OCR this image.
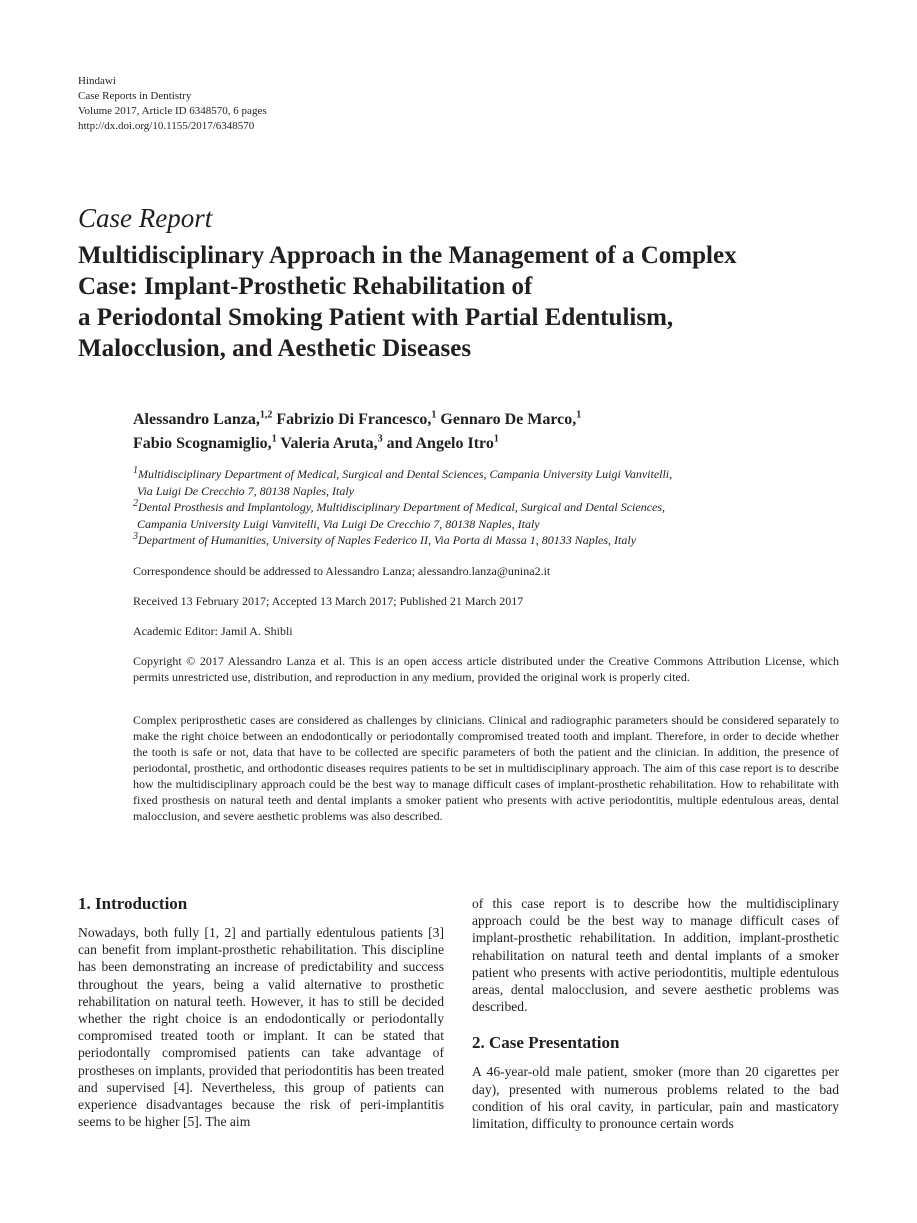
Hindawi
Case Reports in Dentistry
Volume 2017, Article ID 6348570, 6 pages
http://dx.doi.org/10.1155/2017/6348570
Case Report
Multidisciplinary Approach in the Management of a Complex
Case: Implant-Prosthetic Rehabilitation of
a Periodontal Smoking Patient with Partial Edentulism,
Malocclusion, and Aesthetic Diseases
Alessandro Lanza,$^{1,2}$ Fabrizio Di Francesco,$^1$ Gennaro De Marco,$^1$
Fabio Scognamiglio,$^1$ Valeria Aruta,$^3$ and Angelo Itro$^1$
$^1$Multidisciplinary Department of Medical, Surgical and Dental Sciences, Campania University Luigi Vanvitelli,
Via Luigi De Crecchio 7, 80138 Naples, Italy
$^2$Dental Prosthesis and Implantology, Multidisciplinary Department of Medical, Surgical and Dental Sciences,
Campania University Luigi Vanvitelli, Via Luigi De Crecchio 7, 80138 Naples, Italy
$^3$Department of Humanities, University of Naples Federico II, Via Porta di Massa 1, 80133 Naples, Italy
Correspondence should be addressed to Alessandro Lanza; alessandro.lanza@unina2.it
Received 13 February 2017; Accepted 13 March 2017; Published 21 March 2017
Academic Editor: Jamil A. Shibli
Copyright © 2017 Alessandro Lanza et al. This is an open access article distributed under the Creative Commons Attribution License, which permits unrestricted use, distribution, and reproduction in any medium, provided the original work is properly cited.
Complex periprosthetic cases are considered as challenges by clinicians. Clinical and radiographic parameters should be considered separately to make the right choice between an endodontically or periodontally compromised treated tooth and implant. Therefore, in order to decide whether the tooth is safe or not, data that have to be collected are specific parameters of both the patient and the clinician. In addition, the presence of periodontal, prosthetic, and orthodontic diseases requires patients to be set in multidisciplinary approach. The aim of this case report is to describe how the multidisciplinary approach could be the best way to manage difficult cases of implant-prosthetic rehabilitation. How to rehabilitate with fixed prosthesis on natural teeth and dental implants a smoker patient who presents with active periodontitis, multiple edentulous areas, dental malocclusion, and severe aesthetic problems was also described.
1. Introduction
Nowadays, both fully [1, 2] and partially edentulous patients [3] can benefit from implant-prosthetic rehabilitation. This discipline has been demonstrating an increase of predictability and success throughout the years, being a valid alternative to prosthetic rehabilitation on natural teeth. However, it has to still be decided whether the right choice is an endodontically or periodontally compromised treated tooth or implant. It can be stated that periodontally compromised patients can take advantage of prostheses on implants, provided that periodontitis has been treated and supervised [4]. Nevertheless, this group of patients can experience disadvantages because the risk of peri-implantitis seems to be higher [5]. The aim
of this case report is to describe how the multidisciplinary approach could be the best way to manage difficult cases of implant-prosthetic rehabilitation. In addition, implant-prosthetic rehabilitation on natural teeth and dental implants of a smoker patient who presents with active periodontitis, multiple edentulous areas, dental malocclusion, and severe aesthetic problems was described.
2. Case Presentation
A 46-year-old male patient, smoker (more than 20 cigarettes per day), presented with numerous problems related to the bad condition of his oral cavity, in particular, pain and masticatory limitation, difficulty to pronounce certain words
